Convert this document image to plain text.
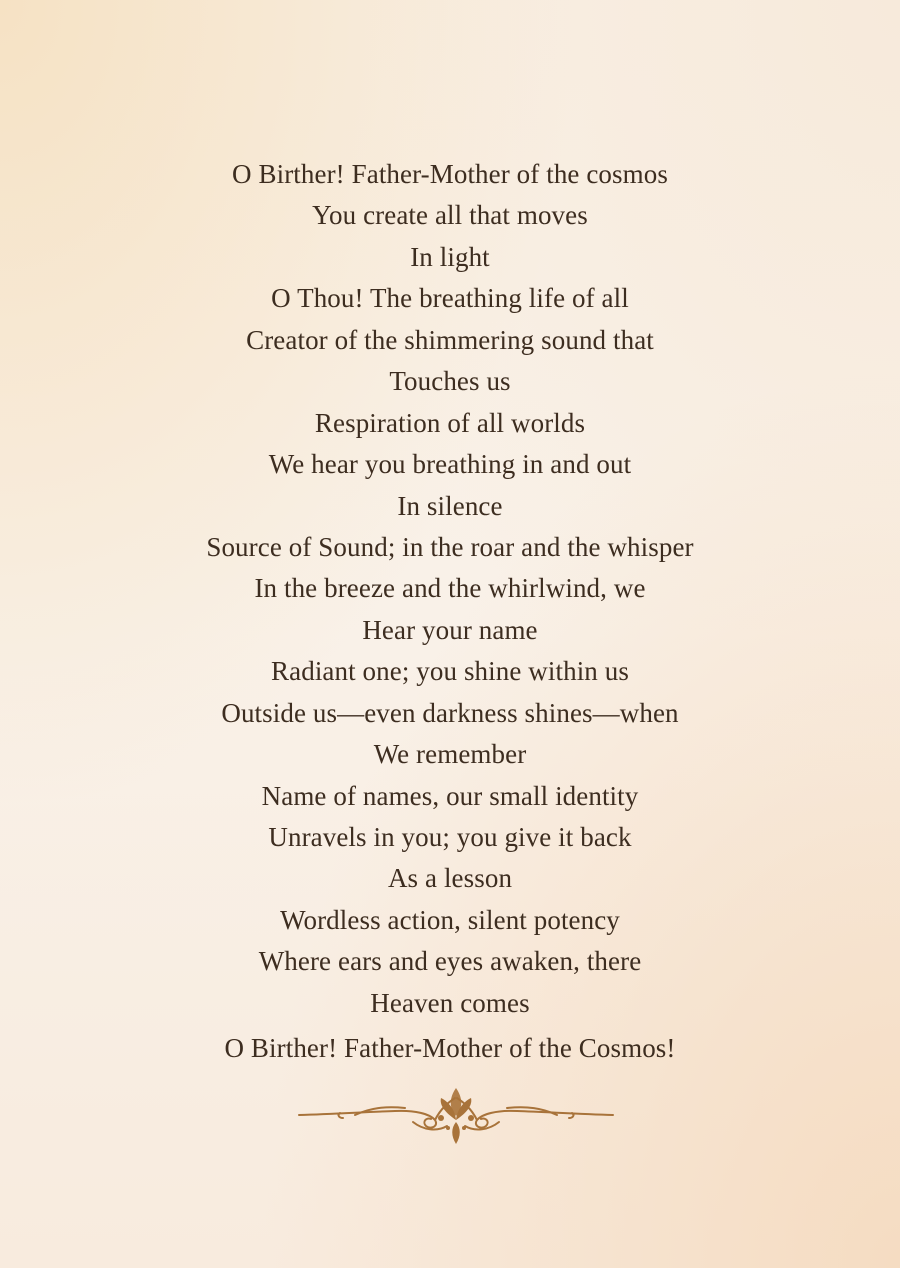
O Birther! Father-Mother of the cosmos
You create all that moves
In light
O Thou! The breathing life of all
Creator of the shimmering sound that
Touches us
Respiration of all worlds
We hear you breathing in and out
In silence
Source of Sound; in the roar and the whisper
In the breeze and the whirlwind, we
Hear your name
Radiant one; you shine within us
Outside us—even darkness shines—when
We remember
Name of names, our small identity
Unravels in you; you give it back
As a lesson
Wordless action, silent potency
Where ears and eyes awaken, there
Heaven comes
O Birther! Father-Mother of the Cosmos!
